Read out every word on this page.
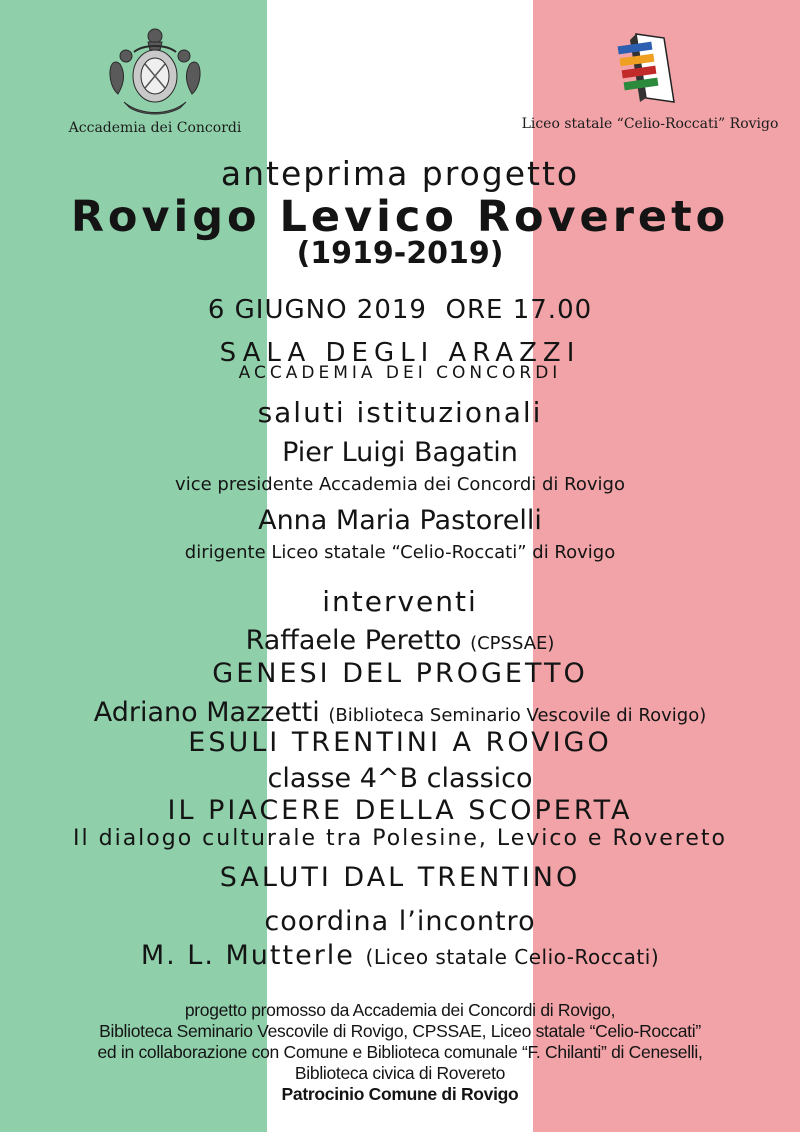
Accademia dei Concordi	Liceo statale “Celio-Roccati” Rovigo
anteprima progetto
Rovigo Levico Rovereto
(1919-2019)
6 GIUGNO 2019  ORE 17.00
SALA DEGLI ARAZZI
ACCADEMIA DEI CONCORDI
saluti istituzionali
Pier Luigi Bagatin
vice presidente Accademia dei Concordi di Rovigo
Anna Maria Pastorelli
dirigente Liceo statale “Celio-Roccati” di Rovigo
interventi
Raffaele Peretto (CPSSAE)
GENESI DEL PROGETTO
Adriano Mazzetti (Biblioteca Seminario Vescovile di Rovigo)
ESULI TRENTINI A ROVIGO
classe 4^B classico
IL PIACERE DELLA SCOPERTA
Il dialogo culturale tra Polesine, Levico e Rovereto
SALUTI DAL TRENTINO
coordina l’incontro
M. L. Mutterle (Liceo statale Celio-Roccati)
progetto promosso da Accademia dei Concordi di Rovigo,
Biblioteca Seminario Vescovile di Rovigo, CPSSAE, Liceo statale “Celio-Roccati”
ed in collaborazione con Comune e Biblioteca comunale “F. Chilanti” di Ceneselli,
Biblioteca civica di Rovereto
Patrocinio Comune di Rovigo
